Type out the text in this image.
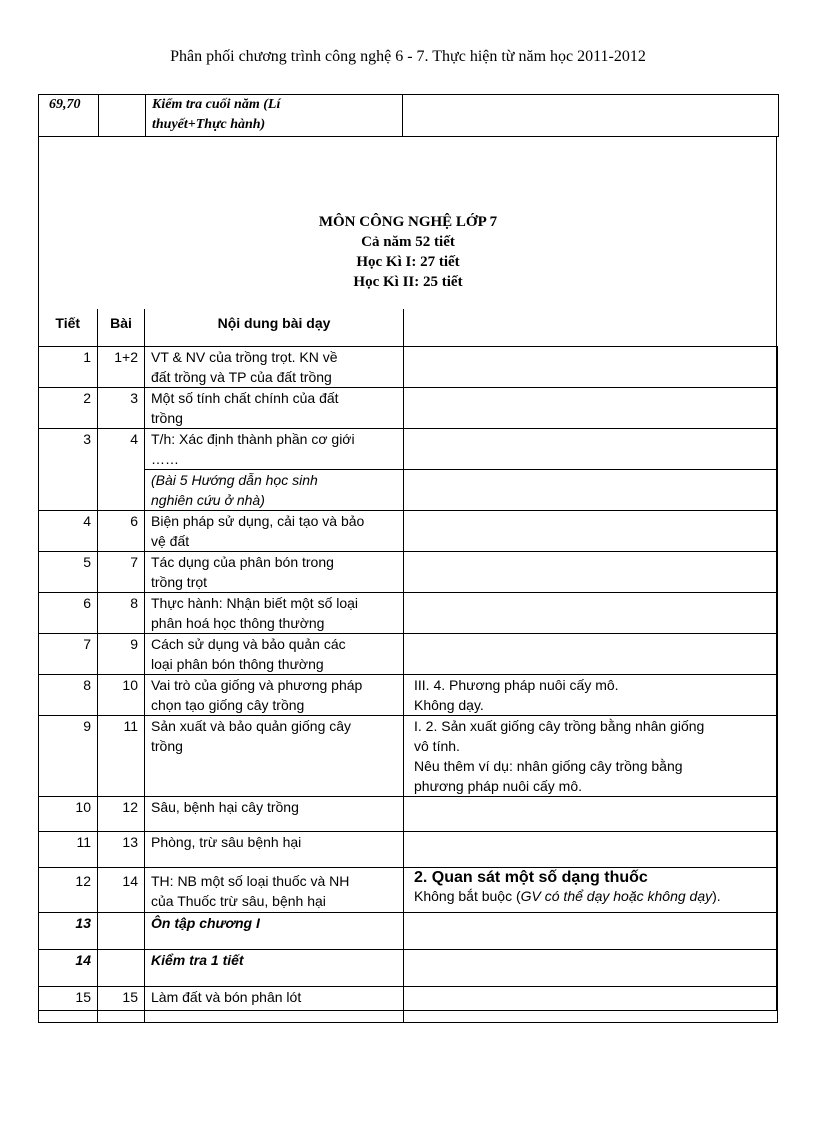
Phân phối chương trình công nghệ 6 - 7. Thực hiện từ năm học 2011-2012
69,70		Kiểm tra cuối năm (Lí
thuyết+Thực hành)

MÔN CÔNG NGHỆ LỚP 7
Cả năm 52 tiết
Học Kì I: 27 tiết
Học Kì II: 25 tiết
Tiết	Bài	Nội dung bài dạy	
1	1+2	VT & NV của trồng trọt. KN về
đất trồng và TP của đất trồng	
2	3	Một số tính chất chính của đất
trồng	
3	4	T/h: Xác định thành phần cơ giới
……	
		(Bài 5 Hướng dẫn học sinh
nghiên cứu ở nhà)	
4	6	Biện pháp sử dụng, cải tạo và bảo
vệ đất	
5	7	Tác dụng của phân bón trong
trồng trọt	
6	8	Thực hành: Nhận biết một số loại
phân hoá học thông thường	
7	9	Cách sử dụng và bảo quản các
loại phân bón thông thường	
8	10	Vai trò của giống và phương pháp
chọn tạo giống cây trồng	III. 4. Phương pháp nuôi cấy mô.
Không dạy.
9	11	Sản xuất và bảo quản giống cây
trồng	I. 2. Sản xuất giống cây trồng bằng nhân giống
vô tính.
Nêu thêm ví dụ: nhân giống cây trồng bằng
phương pháp nuôi cấy mô.
10	12	Sâu, bệnh hại cây trồng	
11	13	Phòng, trừ sâu bệnh hại	
12	14	TH: NB một số loại thuốc và NH
của Thuốc trừ sâu, bệnh hại	2. Quan sát một số dạng thuốc
Không bắt buộc (GV có thể dạy hoặc không dạy).
13		Ôn tập chương I	
14		Kiểm tra 1 tiết	
15	15	Làm đất và bón phân lót	
